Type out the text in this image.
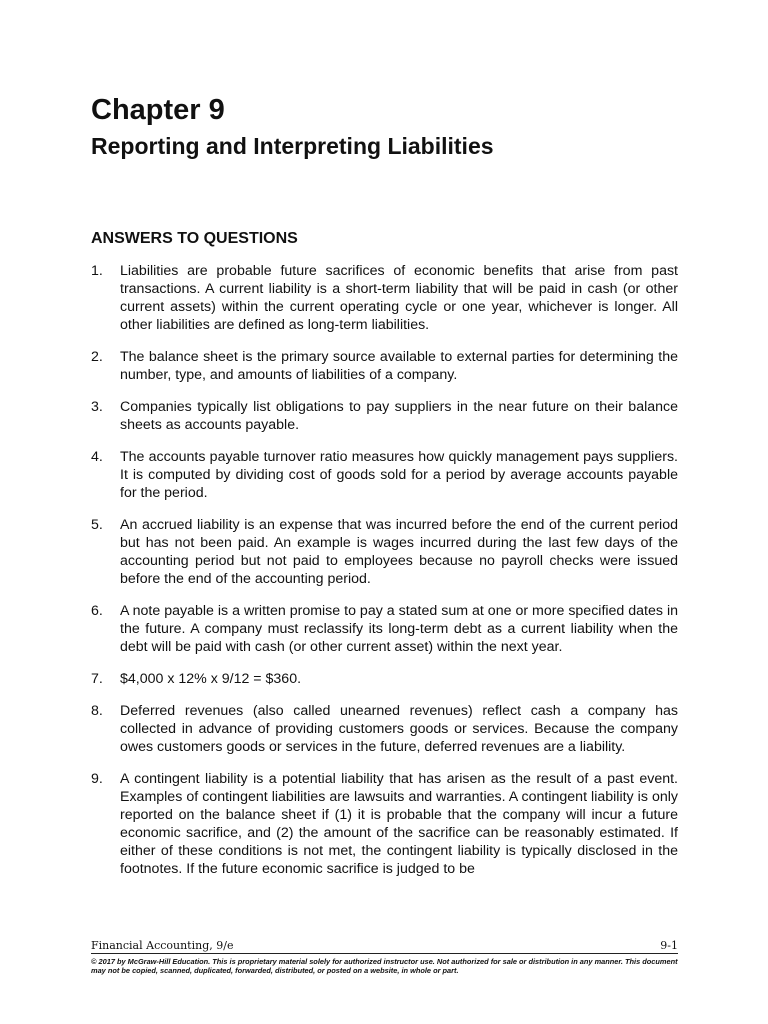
Chapter 9
Reporting and Interpreting Liabilities
ANSWERS TO QUESTIONS
1.	Liabilities are probable future sacrifices of economic benefits that arise from past transactions. A current liability is a short-term liability that will be paid in cash (or other current assets) within the current operating cycle or one year, whichever is longer. All other liabilities are defined as long-term liabilities.
2.	The balance sheet is the primary source available to external parties for determining the number, type, and amounts of liabilities of a company.
3.	Companies typically list obligations to pay suppliers in the near future on their balance sheets as accounts payable.
4.	The accounts payable turnover ratio measures how quickly management pays suppliers. It is computed by dividing cost of goods sold for a period by average accounts payable for the period.
5.	An accrued liability is an expense that was incurred before the end of the current period but has not been paid. An example is wages incurred during the last few days of the accounting period but not paid to employees because no payroll checks were issued before the end of the accounting period.
6.	A note payable is a written promise to pay a stated sum at one or more specified dates in the future. A company must reclassify its long-term debt as a current liability when the debt will be paid with cash (or other current asset) within the next year.
7.	$4,000 x 12% x 9/12 = $360.
8.	Deferred revenues (also called unearned revenues) reflect cash a company has collected in advance of providing customers goods or services. Because the company owes customers goods or services in the future, deferred revenues are a liability.
9.	A contingent liability is a potential liability that has arisen as the result of a past event. Examples of contingent liabilities are lawsuits and warranties. A contingent liability is only reported on the balance sheet if (1) it is probable that the company will incur a future economic sacrifice, and (2) the amount of the sacrifice can be reasonably estimated. If either of these conditions is not met, the contingent liability is typically disclosed in the footnotes. If the future economic sacrifice is judged to be
Financial Accounting, 9/e	9-1
© 2017 by McGraw-Hill Education. This is proprietary material solely for authorized instructor use. Not authorized for sale or distribution in any manner. This document may not be copied, scanned, duplicated, forwarded, distributed, or posted on a website, in whole or part.
